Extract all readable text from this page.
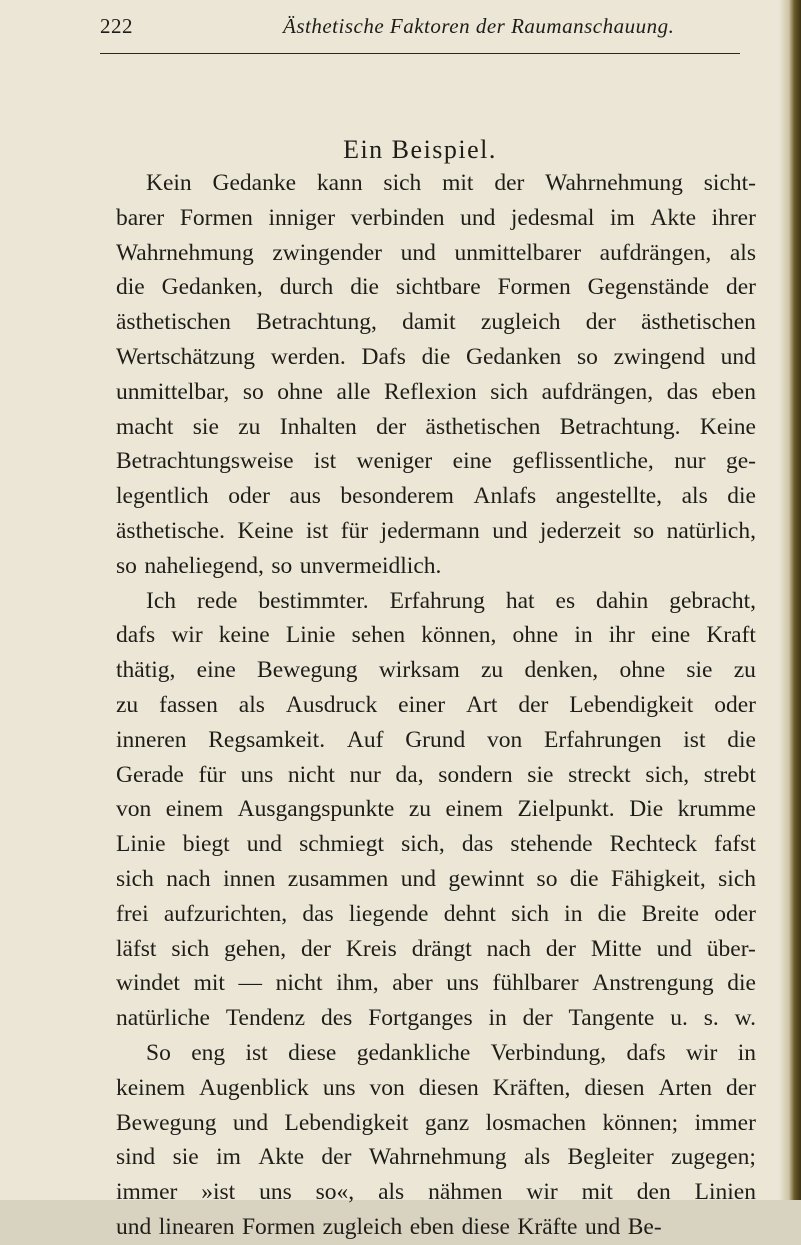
222	Ästhetische Faktoren der Raumanschauung.
Ein Beispiel.
Kein Gedanke kann sich mit der Wahrnehmung sicht-
barer Formen inniger verbinden und jedesmal im Akte ihrer
Wahrnehmung zwingender und unmittelbarer aufdrängen, als
die Gedanken, durch die sichtbare Formen Gegenstände der
ästhetischen Betrachtung, damit zugleich der ästhetischen
Wertschätzung werden. Dafs die Gedanken so zwingend und
unmittelbar, so ohne alle Reflexion sich aufdrängen, das eben
macht sie zu Inhalten der ästhetischen Betrachtung. Keine
Betrachtungsweise ist weniger eine geflissentliche, nur ge-
legentlich oder aus besonderem Anlafs angestellte, als die
ästhetische. Keine ist für jedermann und jederzeit so natürlich,
so naheliegend, so unvermeidlich.
Ich rede bestimmter. Erfahrung hat es dahin gebracht,
dafs wir keine Linie sehen können, ohne in ihr eine Kraft
thätig, eine Bewegung wirksam zu denken, ohne sie zu
zu fassen als Ausdruck einer Art der Lebendigkeit oder
inneren Regsamkeit. Auf Grund von Erfahrungen ist die
Gerade für uns nicht nur da, sondern sie streckt sich, strebt
von einem Ausgangspunkte zu einem Zielpunkt. Die krumme
Linie biegt und schmiegt sich, das stehende Rechteck fafst
sich nach innen zusammen und gewinnt so die Fähigkeit, sich
frei aufzurichten, das liegende dehnt sich in die Breite oder
läfst sich gehen, der Kreis drängt nach der Mitte und über-
windet mit — nicht ihm, aber uns fühlbarer Anstrengung die
natürliche Tendenz des Fortganges in der Tangente u. s. w.
So eng ist diese gedankliche Verbindung, dafs wir in
keinem Augenblick uns von diesen Kräften, diesen Arten der
Bewegung und Lebendigkeit ganz losmachen können; immer
sind sie im Akte der Wahrnehmung als Begleiter zugegen;
immer »ist uns so«, als nähmen wir mit den Linien
und linearen Formen zugleich eben diese Kräfte und Be-
